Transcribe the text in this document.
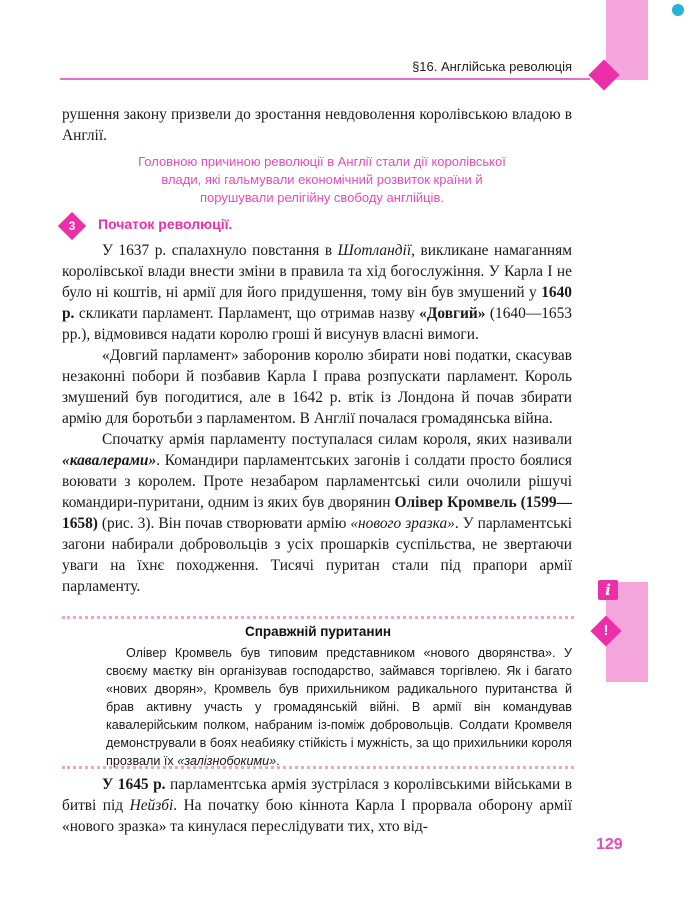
§16. Англійська революція

рушення закону призвели до зростання невдоволення королівською владою в Англії.

Головною причиною революції в Англії стали дії королівської влади, які гальмували економічний розвиток країни й порушували релігійну свободу англійців.
3	Початок революції.

У 1637 р. спалахнуло повстання в Шотландії, викликане намаганням королівської влади внести зміни в правила та хід богослужіння. У Карла І не було ні коштів, ні армії для його придушення, тому він був змушений у 1640 р. скликати парламент. Парламент, що отримав назву «Довгий» (1640—1653 рр.), відмовився надати королю гроші й висунув власні вимоги.

«Довгий парламент» заборонив королю збирати нові податки, скасував незаконні побори й позбавив Карла І права розпускати парламент. Король змушений був погодитися, але в 1642 р. втік із Лондона й почав збирати армію для боротьби з парламентом. В Англії почалася громадянська війна.

Спочатку армія парламенту поступалася силам короля, яких називали «кавалерами». Командири парламентських загонів і солдати просто боялися воювати з королем. Проте незабаром парламентські сили очолили рішучі командири-пуритани, одним із яких був дворянин Олівер Кромвель (1599—1658) (рис. 3). Він почав створювати армію «нового зразка». У парламентські загони набирали добровольців з усіх прошарків суспільства, не звертаючи уваги на їхнє походження. Тисячі пуритан стали під прапори армії парламенту.	i
!
Справжній пуританин

Олівер Кромвель був типовим представником «нового дворянства». У своєму маєтку він організував господарство, займався торгівлею. Як і багато «нових дворян», Кромвель був прихильником радикального пуританства й брав активну участь у громадянській війні. В армії він командував кавалерійським полком, набраним із-поміж добровольців. Солдати Кромвеля демонстрували в боях неабияку стійкість і мужність, за що прихильники короля прозвали їх «залізнобокими».

У 1645 р. парламентська армія зустрілася з королівськими військами в битві під Нейзбі. На початку бою кіннота Карла І прорвала оборону армії «нового зразка» та кинулася переслідувати тих, хто від-

129
